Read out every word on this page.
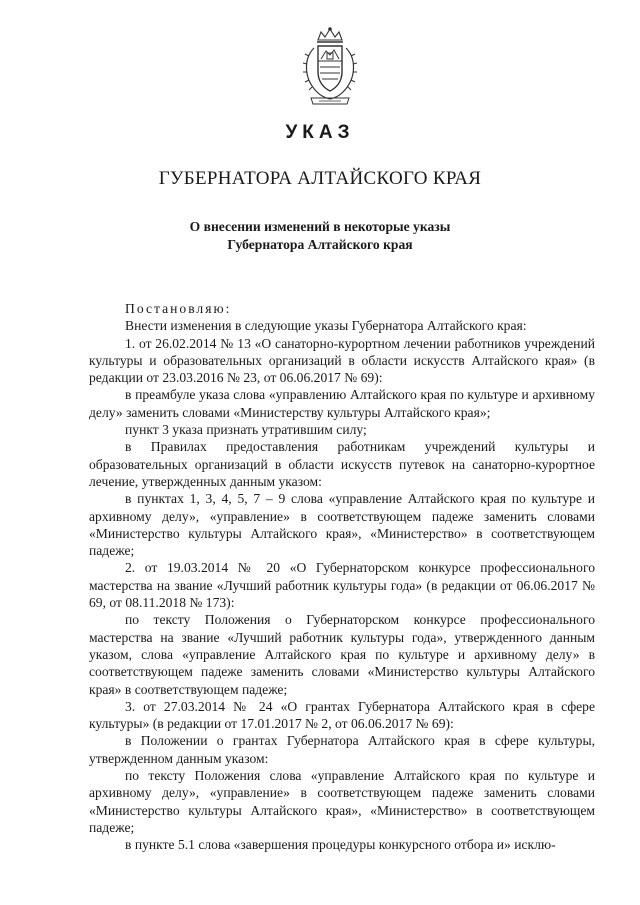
УКАЗ
ГУБЕРНАТОРА АЛТАЙСКОГО КРАЯ
О внесении изменений в некоторые указы
Губернатора Алтайского края
Постановляю:

Внести изменения в следующие указы Губернатора Алтайского края:

1. от 26.02.2014 № 13 «О санаторно-курортном лечении работников учреждений культуры и образовательных организаций в области искусств Алтайского края» (в редакции от 23.03.2016 № 23, от 06.06.2017 № 69):

в преамбуле указа слова «управлению Алтайского края по культуре и архивному делу» заменить словами «Министерству культуры Алтайского края»;

пункт 3 указа признать утратившим силу;

в Правилах предоставления работникам учреждений культуры и образовательных организаций в области искусств путевок на санаторно-курортное лечение, утвержденных данным указом:

в пунктах 1, 3, 4, 5, 7 – 9 слова «управление Алтайского края по культуре и архивному делу», «управление» в соответствующем падеже заменить словами «Министерство культуры Алтайского края», «Министерство» в соответствующем падеже;

2. от 19.03.2014 № 20 «О Губернаторском конкурсе профессионального мастерства на звание «Лучший работник культуры года» (в редакции от 06.06.2017 № 69, от 08.11.2018 № 173):

по тексту Положения о Губернаторском конкурсе профессионального мастерства на звание «Лучший работник культуры года», утвержденного данным указом, слова «управление Алтайского края по культуре и архивному делу» в соответствующем падеже заменить словами «Министерство культуры Алтайского края» в соответствующем падеже;

3. от 27.03.2014 № 24 «О грантах Губернатора Алтайского края в сфере культуры» (в редакции от 17.01.2017 № 2, от 06.06.2017 № 69):

в Положении о грантах Губернатора Алтайского края в сфере культуры, утвержденном данным указом:

по тексту Положения слова «управление Алтайского края по культуре и архивному делу», «управление» в соответствующем падеже заменить словами «Министерство культуры Алтайского края», «Министерство» в соответствующем падеже;

в пункте 5.1 слова «завершения процедуры конкурсного отбора и» исклю-
